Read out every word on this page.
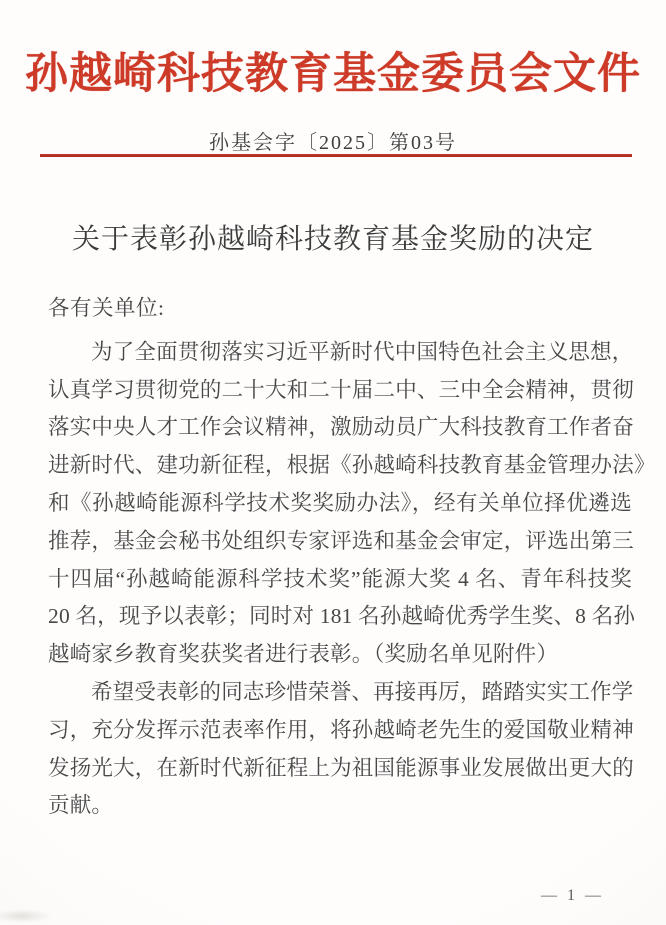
孙越崎科技教育基金委员会文件
孙基会字〔2025〕第03号
关于表彰孙越崎科技教育基金奖励的决定

各有关单位:

为了全面贯彻落实习近平新时代中国特色社会主义思想，
认真学习贯彻党的二十大和二十届二中、三中全会精神，贯彻
落实中央人才工作会议精神，激励动员广大科技教育工作者奋
进新时代、建功新征程，根据《孙越崎科技教育基金管理办法》
和《孙越崎能源科学技术奖奖励办法》，经有关单位择优遴选
推荐，基金会秘书处组织专家评选和基金会审定，评选出第三
十四届“孙越崎能源科学技术奖”能源大奖 4 名、青年科技奖
20 名，现予以表彰；同时对 181 名孙越崎优秀学生奖、8 名孙
越崎家乡教育奖获奖者进行表彰。（奖励名单见附件）

希望受表彰的同志珍惜荣誉、再接再厉，踏踏实实工作学
习，充分发挥示范表率作用，将孙越崎老先生的爱国敬业精神
发扬光大，在新时代新征程上为祖国能源事业发展做出更大的
贡献。

— 1 —
